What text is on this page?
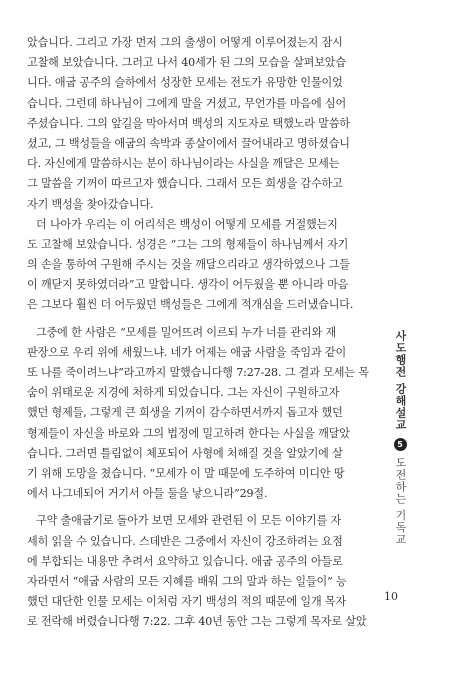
았습니다. 그리고 가장 먼저 그의 출생이 어떻게 이루어졌는지 잠시
고찰해 보았습니다. 그러고 나서 40세가 된 그의 모습을 살펴보았습
니다. 애굽 공주의 슬하에서 성장한 모세는 전도가 유망한 인물이었
습니다. 그런데 하나님이 그에게 말을 거셨고, 무언가를 마음에 심어
주셨습니다. 그의 앞길을 막아서며 백성의 지도자로 택했노라 말씀하
셨고, 그 백성들을 애굽의 속박과 종살이에서 끌어내라고 명하셨습니
다. 자신에게 말씀하시는 분이 하나님이라는 사실을 깨달은 모세는
그 말씀을 기꺼이 따르고자 했습니다. 그래서 모든 희생을 감수하고
자기 백성을 찾아갔습니다.

더 나아가 우리는 이 어리석은 백성이 어떻게 모세를 거절했는지
도 고찰해 보았습니다. 성경은 “그는 그의 형제들이 하나님께서 자기
의 손을 통하여 구원해 주시는 것을 깨달으리라고 생각하였으나 그들
이 깨닫지 못하였더라”고 말합니다. 생각이 어두웠을 뿐 아니라 마음
은 그보다 훨씬 더 어두웠던 백성들은 그에게 적개심을 드러냈습니다.

그중에 한 사람은 “모세를 밀어뜨려 이르되 누가 너를 관리와 재
판장으로 우리 위에 세웠느냐. 네가 어제는 애굽 사람을 죽임과 같이
또 나를 죽이려느냐”라고까지 말했습니다행 7:27-28. 그 결과 모세는 목
숨이 위태로운 지경에 처하게 되었습니다. 그는 자신이 구원하고자
했던 형제들, 그렇게 큰 희생을 기꺼이 감수하면서까지 돕고자 했던
형제들이 자신을 바로와 그의 법정에 밀고하려 한다는 사실을 깨달았
습니다. 그러면 틀림없이 체포되어 사형에 처해질 것을 알았기에 살
기 위해 도망을 쳤습니다. “모세가 이 말 때문에 도주하여 미디안 땅
에서 나그네되어 거기서 아들 둘을 낳으니라”29절.

구약 출애굽기로 돌아가 보면 모세와 관련된 이 모든 이야기를 자
세히 읽을 수 있습니다. 스데반은 그중에서 자신이 강조하려는 요점
에 부합되는 내용만 추려서 요약하고 있습니다. 애굽 공주의 아들로
자라면서 “애굽 사람의 모든 지혜를 배워 그의 말과 하는 일들이” 능
했던 대단한 인물 모세는 이처럼 자기 백성의 적의 때문에 일개 목자
로 전락해 버렸습니다행 7:22. 그후 40년 동안 그는 그렇게 목자로 살았

사도행전 강해설교
5
도전하는 기독교
10
